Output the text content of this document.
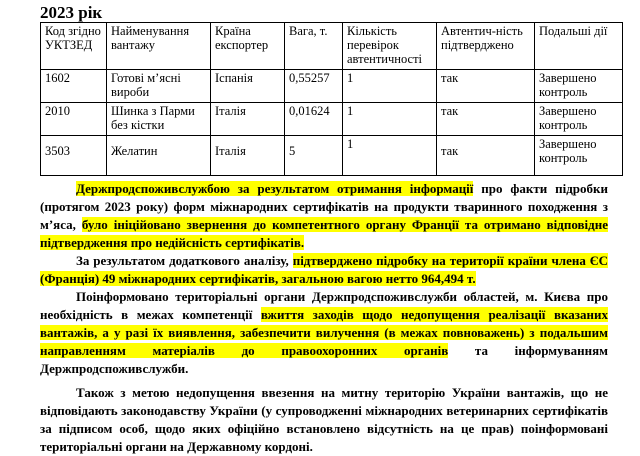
2023 рік
Код згідно УКТЗЕД	Найменування вантажу	Країна експортер	Вага, т.	Кількість перевірок автентичності	Автентич-ність підтверджено	Подальші дії
1602	Готові м’ясні вироби	Іспанія	0,55257	1	так	Завершено контроль
2010	Шинка з Парми без кістки	Італія	0,01624	1	так	Завершено контроль
3503	Желатин	Італія	5	1	так	Завершено контроль

Держпродспоживслужбою за результатом отримання інформації про факти підробки (протягом 2023 року) форм міжнародних сертифікатів на продукти тваринного походження з м’яса, було ініційовано звернення до компетентного органу Франції та отримано відповідне підтвердження про недійсність сертифікатів.

За результатом додаткового аналізу, підтверджено підробку на території країни члена ЄС (Франція) 49 міжнародних сертифікатів, загальною вагою нетто 964,494 т.

Поінформовано територіальні органи Держпродспоживслужби областей, м. Києва про необхідність в межах компетенції вжиття заходів щодо недопущення реалізації вказаних вантажів, а у разі їх виявлення, забезпечити вилучення (в межах повноважень) з подальшим направленням матеріалів до правоохоронних органів та інформуванням Держпродспоживслужби.

Також з метою недопущення ввезення на митну територію України вантажів, що не відповідають законодавству України (у супроводженні міжнародних ветеринарних сертифікатів за підписом особ, щодо яких офіційно встановлено відсутність на це прав) поінформовані територіальні органи на Державному кордоні.
